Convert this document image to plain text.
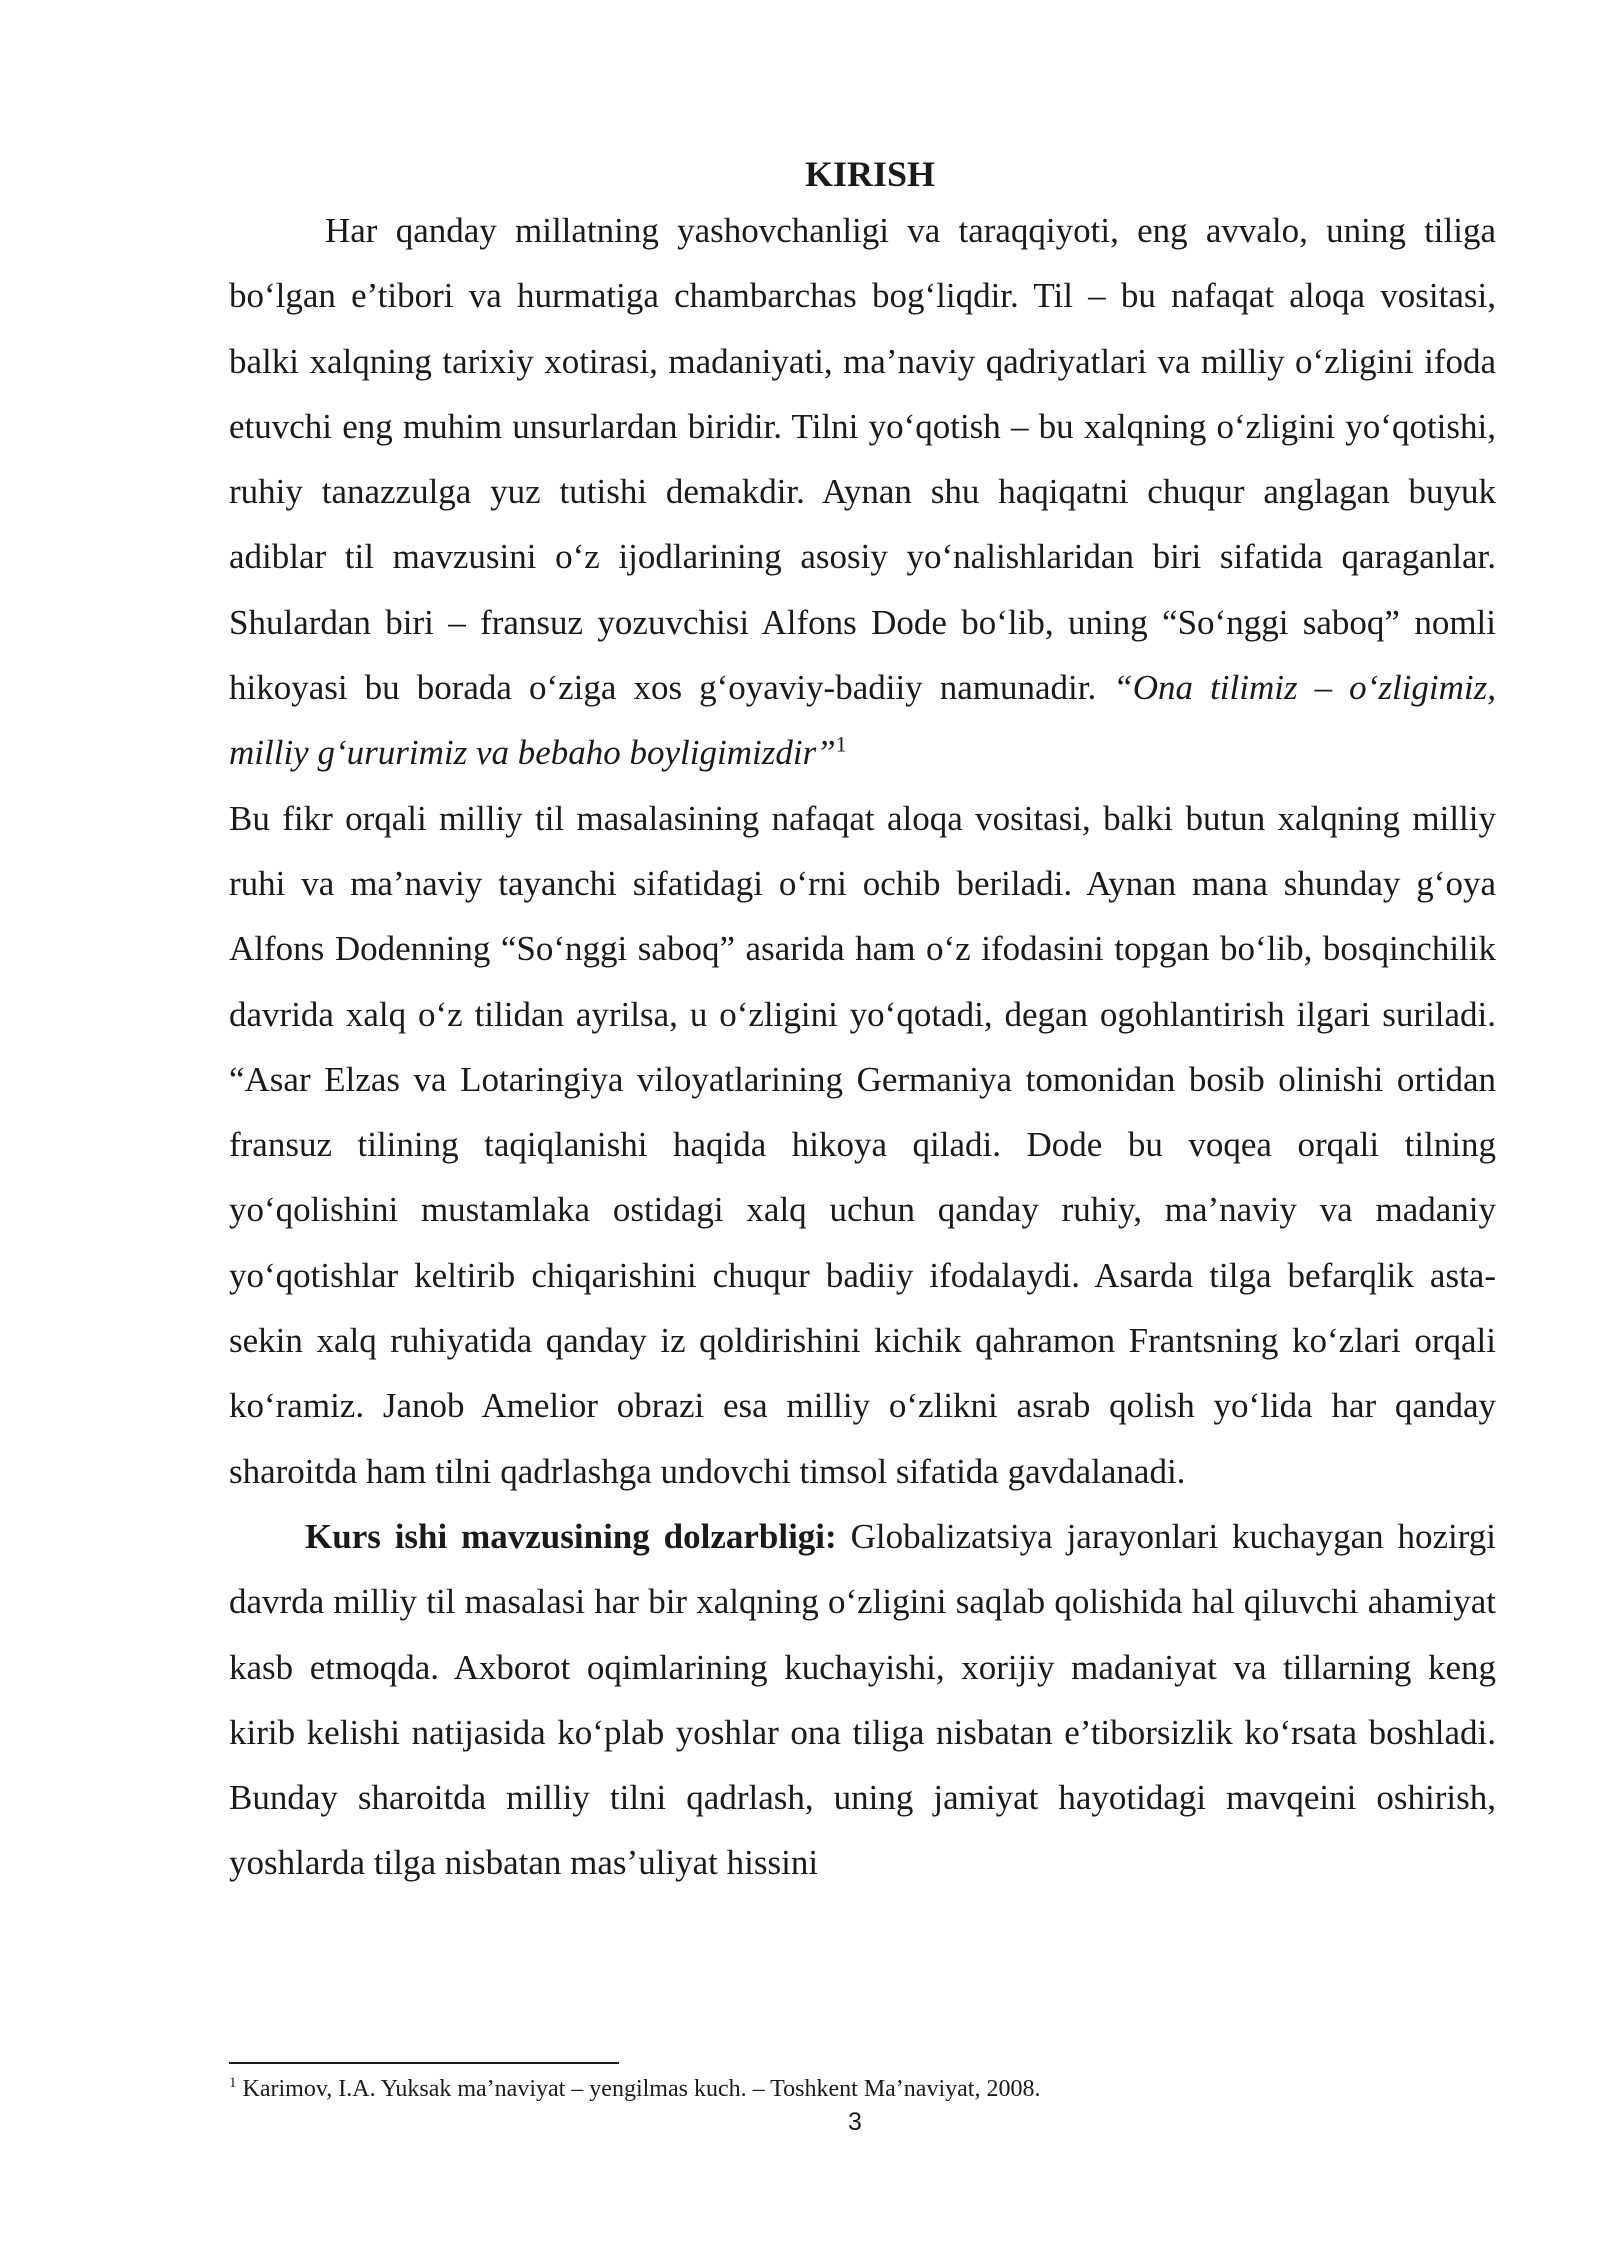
KIRISH

Har qanday millatning yashovchanligi va taraqqiyoti, eng avvalo, uning tiliga bo‘lgan e’tibori va hurmatiga chambarchas bog‘liqdir. Til – bu nafaqat aloqa vositasi, balki xalqning tarixiy xotirasi, madaniyati, ma’naviy qadriyatlari va milliy o‘zligini ifoda etuvchi eng muhim unsurlardan biridir. Tilni yo‘qotish – bu xalqning o‘zligini yo‘qotishi, ruhiy tanazzulga yuz tutishi demakdir. Aynan shu haqiqatni chuqur anglagan buyuk adiblar til mavzusini o‘z ijodlarining asosiy yo‘nalishlaridan biri sifatida qaraganlar. Shulardan biri – fransuz yozuvchisi Alfons Dode bo‘lib, uning “So‘nggi saboq” nomli hikoyasi bu borada o‘ziga xos g‘oyaviy-badiiy namunadir. “Ona tilimiz – o‘zligimiz, milliy g‘ururimiz va bebaho boyligimizdir”$^1$
Bu fikr orqali milliy til masalasining nafaqat aloqa vositasi, balki butun xalqning milliy ruhi va ma’naviy tayanchi sifatidagi o‘rni ochib beriladi. Aynan mana shunday g‘oya Alfons Dodenning “So‘nggi saboq” asarida ham o‘z ifodasini topgan bo‘lib, bosqinchilik davrida xalq o‘z tilidan ayrilsa, u o‘zligini yo‘qotadi, degan ogohlantirish ilgari suriladi. “Asar Elzas va Lotaringiya viloyatlarining Germaniya tomonidan bosib olinishi ortidan fransuz tilining taqiqlanishi haqida hikoya qiladi. Dode bu voqea orqali tilning yo‘qolishini mustamlaka ostidagi xalq uchun qanday ruhiy, ma’naviy va madaniy yo‘qotishlar keltirib chiqarishini chuqur badiiy ifodalaydi. Asarda tilga befarqlik asta-sekin xalq ruhiyatida qanday iz qoldirishini kichik qahramon Frantsning ko‘zlari orqali ko‘ramiz. Janob Amelior obrazi esa milliy o‘zlikni asrab qolish yo‘lida har qanday sharoitda ham tilni qadrlashga undovchi timsol sifatida gavdalanadi.

Kurs ishi mavzusining dolzarbligi: Globalizatsiya jarayonlari kuchaygan hozirgi davrda milliy til masalasi har bir xalqning o‘zligini saqlab qolishida hal qiluvchi ahamiyat kasb etmoqda. Axborot oqimlarining kuchayishi, xorijiy madaniyat va tillarning keng kirib kelishi natijasida ko‘plab yoshlar ona tiliga nisbatan e’tiborsizlik ko‘rsata boshladi. Bunday sharoitda milliy tilni qadrlash, uning jamiyat hayotidagi mavqeini oshirish, yoshlarda tilga nisbatan mas’uliyat hissini

$^1$ Karimov, I.A. Yuksak ma’naviyat – yengilmas kuch. – Toshkent Ma’naviyat, 2008.

3
